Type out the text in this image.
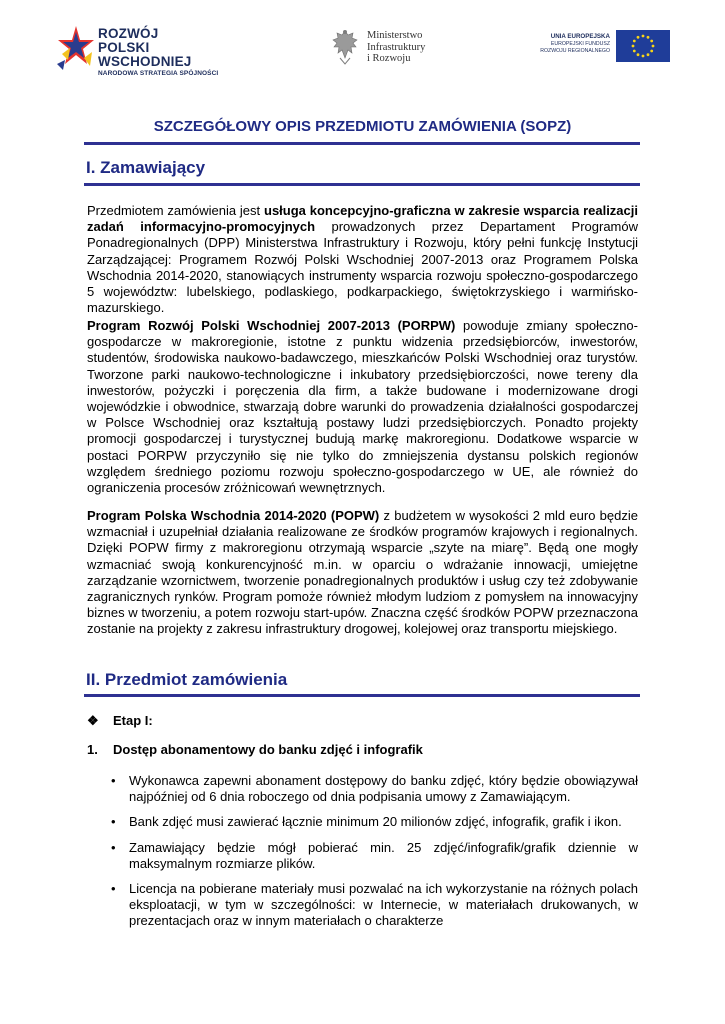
ROZWÓJ
POLSKI WSCHODNIEJ
NARODOWA STRATEGIA SPÓJNOŚCI
Ministerstwo
Infrastruktury
i Rozwoju
UNIA EUROPEJSKA
EUROPEJSKI FUNDUSZ
ROZWOJU REGIONALNEGO
SZCZEGÓŁOWY OPIS PRZEDMIOTU ZAMÓWIENIA (SOPZ)
I. Zamawiający

Przedmiotem zamówienia jest usługa koncepcyjno-graficzna w zakresie wsparcia realizacji zadań informacyjno-promocyjnych prowadzonych przez Departament Programów Ponadregionalnych (DPP) Ministerstwa Infrastruktury i Rozwoju, który pełni funkcję Instytucji Zarządzającej: Programem Rozwój Polski Wschodniej 2007-2013 oraz Programem Polska Wschodnia 2014-2020, stanowiących instrumenty wsparcia rozwoju społeczno-gospodarczego 5 województw: lubelskiego, podlaskiego, podkarpackiego, świętokrzyskiego i warmińsko-mazurskiego.

Program Rozwój Polski Wschodniej 2007-2013 (PORPW) powoduje zmiany społeczno-gospodarcze w makroregionie, istotne z punktu widzenia przedsiębiorców, inwestorów, studentów, środowiska naukowo-badawczego, mieszkańców Polski Wschodniej oraz turystów. Tworzone parki naukowo-technologiczne i inkubatory przedsiębiorczości, nowe tereny dla inwestorów, pożyczki i poręczenia dla firm, a także budowane i modernizowane drogi wojewódzkie i obwodnice, stwarzają dobre warunki do prowadzenia działalności gospodarczej w Polsce Wschodniej oraz kształtują postawy ludzi przedsiębiorczych. Ponadto projekty promocji gospodarczej i turystycznej budują markę makroregionu. Dodatkowe wsparcie w postaci PORPW przyczyniło się nie tylko do zmniejszenia dystansu polskich regionów względem średniego poziomu rozwoju społeczno-gospodarczego w UE, ale również do ograniczenia procesów zróżnicowań wewnętrznych.

Program Polska Wschodnia 2014-2020 (POPW) z budżetem w wysokości 2 mld euro będzie wzmacniał i uzupełniał działania realizowane ze środków programów krajowych i regionalnych. Dzięki POPW firmy z makroregionu otrzymają wsparcie „szyte na miarę”. Będą one mogły wzmacniać swoją konkurencyjność m.in. w oparciu o wdrażanie innowacji, umiejętne zarządzanie wzornictwem, tworzenie ponadregionalnych produktów i usług czy też zdobywanie zagranicznych rynków. Program pomoże również młodym ludziom z pomysłem na innowacyjny biznes w tworzeniu, a potem rozwoju start-upów. Znaczna część środków POPW przeznaczona zostanie na projekty z zakresu infrastruktury drogowej, kolejowej oraz transportu miejskiego.

II. Przedmiot zamówienia
❖ Etap I:
1. Dostęp abonamentowy do banku zdjęć i infografik
• Wykonawca zapewni abonament dostępowy do banku zdjęć, który będzie obowiązywał najpóźniej od 6 dnia roboczego od dnia podpisania umowy z Zamawiającym.
• Bank zdjęć musi zawierać łącznie minimum 20 milionów zdjęć, infografik, grafik i ikon.
• Zamawiający będzie mógł pobierać min. 25 zdjęć/infografik/grafik dziennie w maksymalnym rozmiarze plików.
• Licencja na pobierane materiały musi pozwalać na ich wykorzystanie na różnych polach eksploatacji, w tym w szczególności: w Internecie, w materiałach drukowanych, w prezentacjach oraz w innym materiałach o charakterze
